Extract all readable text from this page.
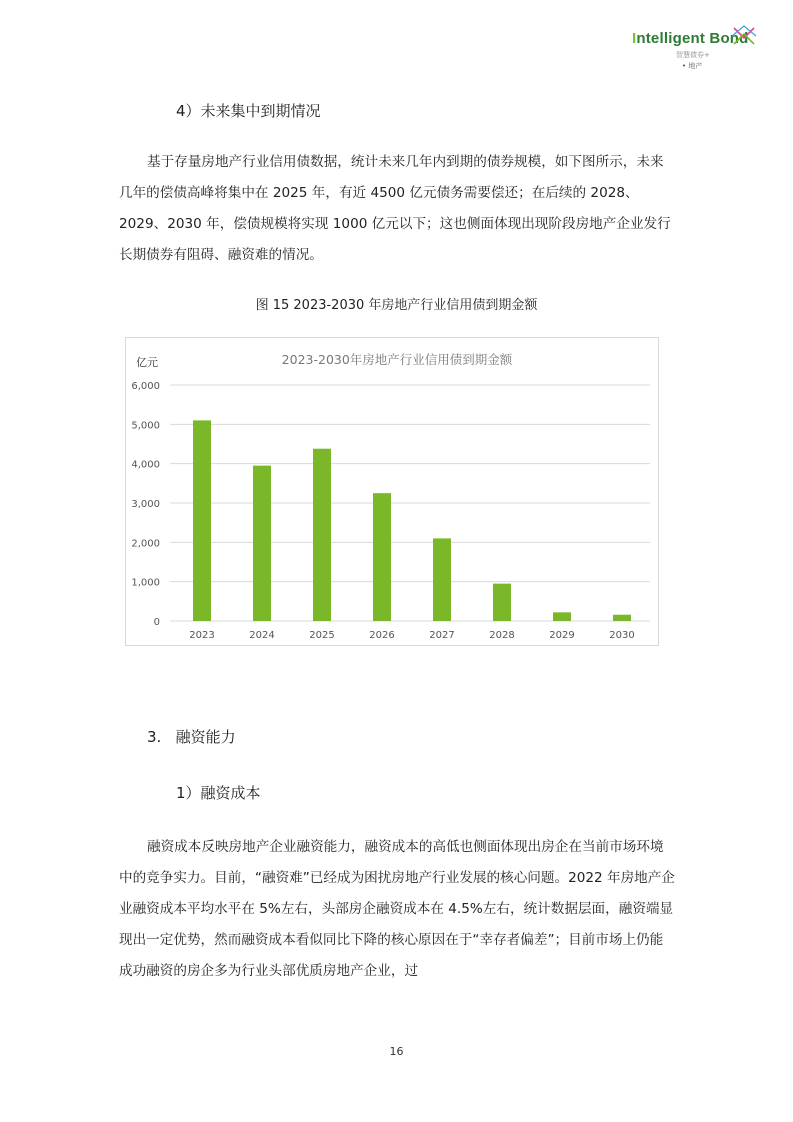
Intelligent Bond
智慧债券+
• 地产
4）未来集中到期情况

基于存量房地产行业信用债数据，统计未来几年内到期的债券规模，如下图所示，未来几年的偿债高峰将集中在 2025 年，有近 4500 亿元债务需要偿还；在后续的 2028、2029、2030 年，偿债规模将实现 1000 亿元以下；这也侧面体现出现阶段房地产企业发行长期债券有阻碍、融资难的情况。

图 15 2023-2030 年房地产行业信用债到期金额
2023-2030年房地产行业信用债到期金额
亿元
2023	2024	2025	2026	2027	2028	2029	2030
0
1,000
2,000
3,000
4,000
5,000
6,000
3.   融资能力
1）融资成本

融资成本反映房地产企业融资能力，融资成本的高低也侧面体现出房企在当前市场环境中的竞争实力。目前，“融资难”已经成为困扰房地产行业发展的核心问题。2022 年房地产企业融资成本平均水平在 5%左右，头部房企融资成本在 4.5%左右，统计数据层面，融资端显现出一定优势，然而融资成本看似同比下降的核心原因在于“幸存者偏差”；目前市场上仍能成功融资的房企多为行业头部优质房地产企业，过

16
